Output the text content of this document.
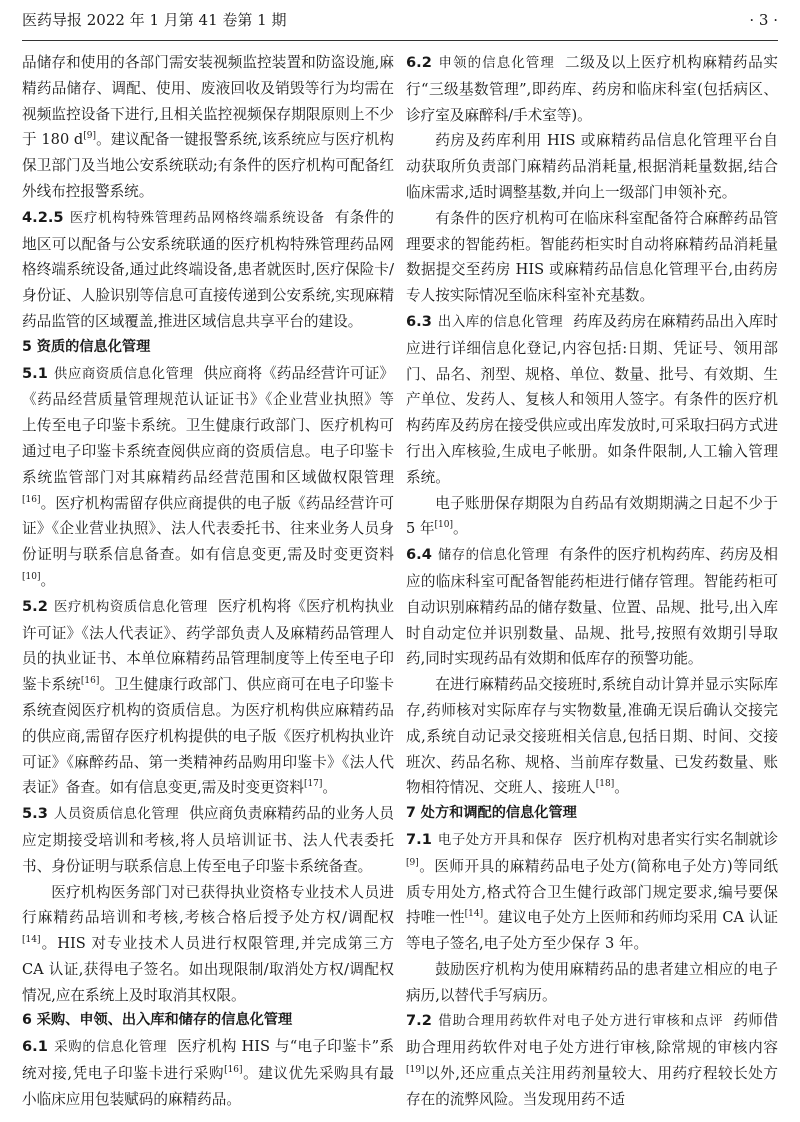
医药导报 2022 年 1 月第 41 卷第 1 期	· 3 ·

品储存和使用的各部门需安装视频监控装置和防盗设施,麻精药品储存、调配、使用、废液回收及销毁等行为均需在视频监控设备下进行,且相关监控视频保存期限原则上不少于 180 d[9]。建议配备一键报警系统,该系统应与医疗机构保卫部门及当地公安系统联动;有条件的医疗机构可配备红外线布控报警系统。

4.2.5 医疗机构特殊管理药品网格终端系统设备 有条件的地区可以配备与公安系统联通的医疗机构特殊管理药品网格终端系统设备,通过此终端设备,患者就医时,医疗保险卡/身份证、人脸识别等信息可直接传递到公安系统,实现麻精药品监管的区域覆盖,推进区域信息共享平台的建设。

5 资质的信息化管理

5.1 供应商资质信息化管理 供应商将《药品经营许可证》《药品经营质量管理规范认证证书》《企业营业执照》等上传至电子印鉴卡系统。卫生健康行政部门、医疗机构可通过电子印鉴卡系统查阅供应商的资质信息。电子印鉴卡系统监管部门对其麻精药品经营范围和区域做权限管理[16]。医疗机构需留存供应商提供的电子版《药品经营许可证》《企业营业执照》、法人代表委托书、往来业务人员身份证明与联系信息备查。如有信息变更,需及时变更资料[10]。

5.2 医疗机构资质信息化管理 医疗机构将《医疗机构执业许可证》《法人代表证》、药学部负责人及麻精药品管理人员的执业证书、本单位麻精药品管理制度等上传至电子印鉴卡系统[16]。卫生健康行政部门、供应商可在电子印鉴卡系统查阅医疗机构的资质信息。为医疗机构供应麻精药品的供应商,需留存医疗机构提供的电子版《医疗机构执业许可证》《麻醉药品、第一类精神药品购用印鉴卡》《法人代表证》备查。如有信息变更,需及时变更资料[17]。

5.3 人员资质信息化管理 供应商负责麻精药品的业务人员应定期接受培训和考核,将人员培训证书、法人代表委托书、身份证明与联系信息上传至电子印鉴卡系统备查。

医疗机构医务部门对已获得执业资格专业技术人员进行麻精药品培训和考核,考核合格后授予处方权/调配权[14]。HIS 对专业技术人员进行权限管理,并完成第三方 CA 认证,获得电子签名。如出现限制/取消处方权/调配权情况,应在系统上及时取消其权限。

6 采购、申领、出入库和储存的信息化管理

6.1 采购的信息化管理 医疗机构 HIS 与“电子印鉴卡”系统对接,凭电子印鉴卡进行采购[16]。建议优先采购具有最小临床应用包装赋码的麻精药品。

6.2 申领的信息化管理 二级及以上医疗机构麻精药品实行“三级基数管理”,即药库、药房和临床科室(包括病区、诊疗室及麻醉科/手术室等)。

药房及药库利用 HIS 或麻精药品信息化管理平台自动获取所负责部门麻精药品消耗量,根据消耗量数据,结合临床需求,适时调整基数,并向上一级部门申领补充。

有条件的医疗机构可在临床科室配备符合麻醉药品管理要求的智能药柜。智能药柜实时自动将麻精药品消耗量数据提交至药房 HIS 或麻精药品信息化管理平台,由药房专人按实际情况至临床科室补充基数。

6.3 出入库的信息化管理 药库及药房在麻精药品出入库时应进行详细信息化登记,内容包括:日期、凭证号、领用部门、品名、剂型、规格、单位、数量、批号、有效期、生产单位、发药人、复核人和领用人签字。有条件的医疗机构药库及药房在接受供应或出库发放时,可采取扫码方式进行出入库核验,生成电子帐册。如条件限制,人工输入管理系统。

电子账册保存期限为自药品有效期期满之日起不少于 5 年[10]。

6.4 储存的信息化管理 有条件的医疗机构药库、药房及相应的临床科室可配备智能药柜进行储存管理。智能药柜可自动识别麻精药品的储存数量、位置、品规、批号,出入库时自动定位并识别数量、品规、批号,按照有效期引导取药,同时实现药品有效期和低库存的预警功能。

在进行麻精药品交接班时,系统自动计算并显示实际库存,药师核对实际库存与实物数量,准确无误后确认交接完成,系统自动记录交接班相关信息,包括日期、时间、交接班次、药品名称、规格、当前库存数量、已发药数量、账物相符情况、交班人、接班人[18]。

7 处方和调配的信息化管理

7.1 电子处方开具和保存 医疗机构对患者实行实名制就诊[9]。医师开具的麻精药品电子处方(简称电子处方)等同纸质专用处方,格式符合卫生健行政部门规定要求,编号要保持唯一性[14]。建议电子处方上医师和药师均采用 CA 认证等电子签名,电子处方至少保存 3 年。

鼓励医疗机构为使用麻精药品的患者建立相应的电子病历,以替代手写病历。

7.2 借助合理用药软件对电子处方进行审核和点评 药师借助合理用药软件对电子处方进行审核,除常规的审核内容[19]以外,还应重点关注用药剂量较大、用药疗程较长处方存在的流弊风险。当发现用药不适
